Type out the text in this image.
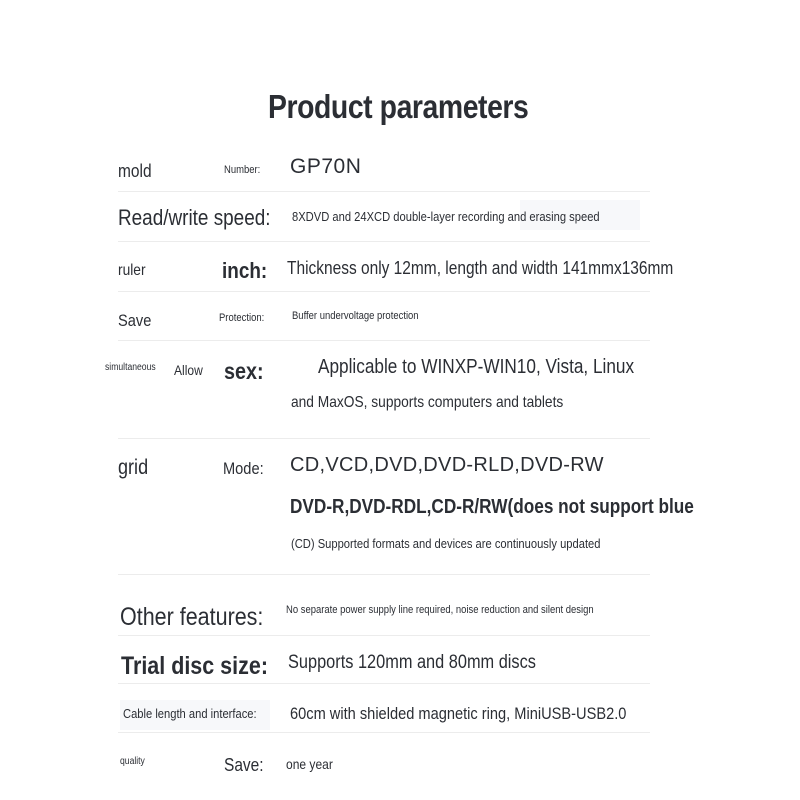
Product parameters
mold	Number: GP70N
Read/write speed: 8XDVD and 24XCD double-layer recording and erasing speed
ruler	inch: Thickness only 12mm, length and width 141mmx136mm
Save	Protection:	Buffer undervoltage protection
simultaneous Allow sex:	Applicable to WINXP-WIN10, Vista, Linux
and MaxOS, supports computers and tablets
grid	Mode: CD,VCD,DVD,DVD-RLD,DVD-RW
DVD-R,DVD-RDL,CD-R/RW(does not support blue
(CD) Supported formats and devices are continuously updated
Other features: No separate power supply line required, noise reduction and silent design
Trial disc size: Supports 120mm and 80mm discs
Cable length and interface: 60cm with shielded magnetic ring, MiniUSB-USB2.0
quality	Save: one year
